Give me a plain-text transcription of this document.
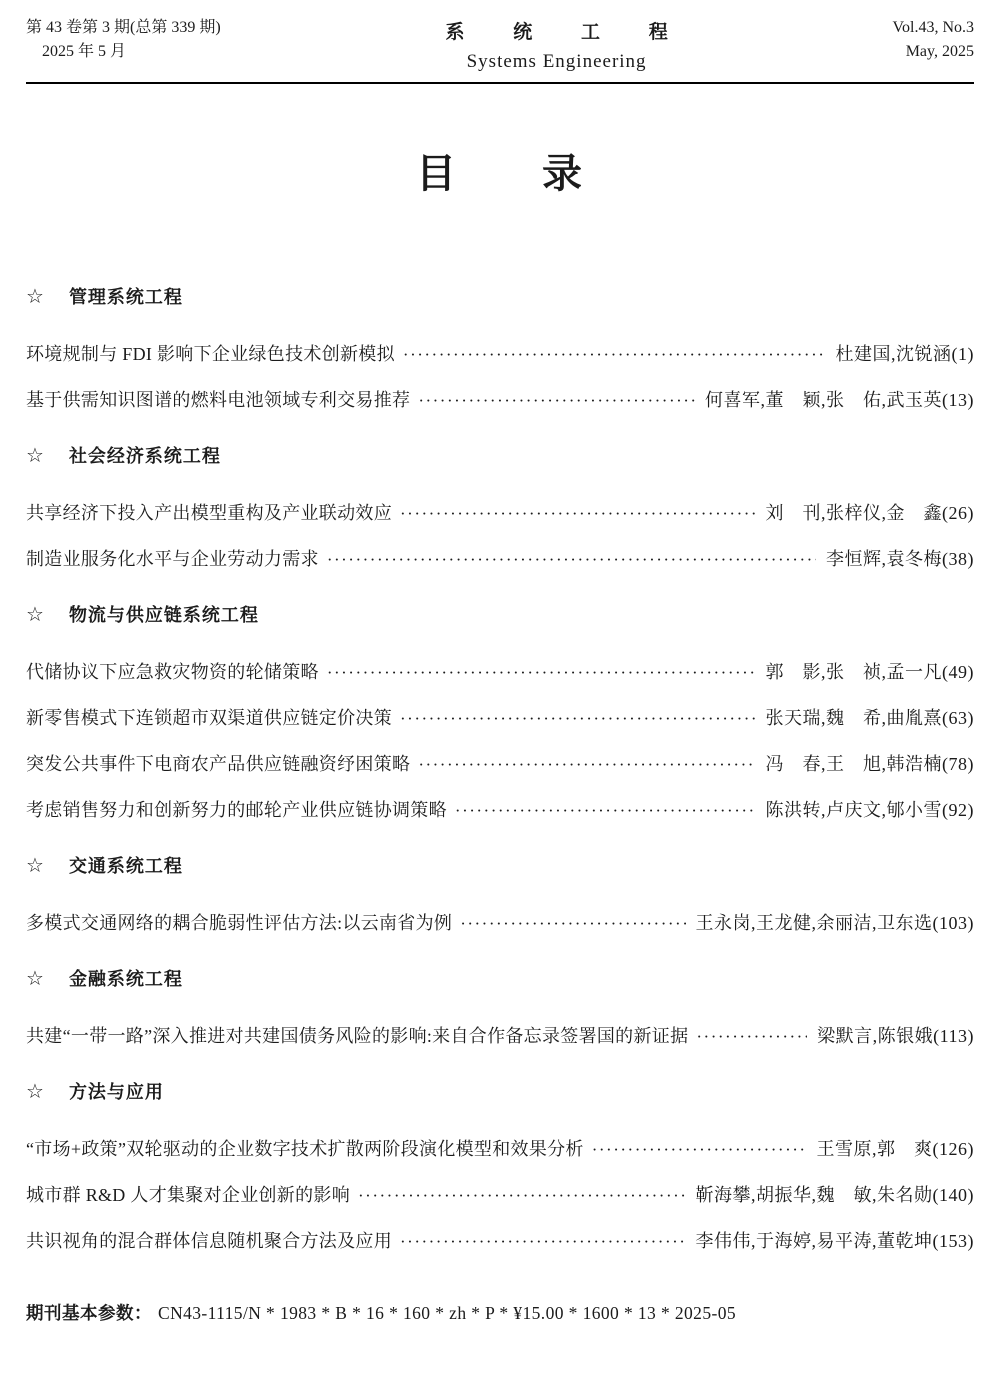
第 43 卷第 3 期(总第 339 期)
2025 年 5 月
系 统 工 程
Systems Engineering
Vol.43, No.3
May, 2025
目　　录
☆ 管理系统工程
环境规制与 FDI 影响下企业绿色技术创新模拟 ·····	杜建国,沈锐涵(1)
基于供需知识图谱的燃料电池领域专利交易推荐 ·····	何喜军,董　颖,张　佑,武玉英(13)
☆ 社会经济系统工程
共享经济下投入产出模型重构及产业联动效应 ·····	刘　刊,张梓仪,金　鑫(26)
制造业服务化水平与企业劳动力需求 ·····	李恒辉,袁冬梅(38)
☆ 物流与供应链系统工程
代储协议下应急救灾物资的轮储策略 ·····	郭　影,张　祯,孟一凡(49)
新零售模式下连锁超市双渠道供应链定价决策 ·····	张天瑞,魏　希,曲胤熹(63)
突发公共事件下电商农产品供应链融资纾困策略 ·····	冯　春,王　旭,韩浩楠(78)
考虑销售努力和创新努力的邮轮产业供应链协调策略 ·····	陈洪转,卢庆文,郇小雪(92)
☆ 交通系统工程
多模式交通网络的耦合脆弱性评估方法:以云南省为例 ·····	王永岗,王龙健,余丽洁,卫东选(103)
☆ 金融系统工程
共建“一带一路”深入推进对共建国债务风险的影响:来自合作备忘录签署国的新证据 ·····	梁默言,陈银娥(113)
☆ 方法与应用
“市场+政策”双轮驱动的企业数字技术扩散两阶段演化模型和效果分析 ·····	王雪原,郭　爽(126)
城市群 R&D 人才集聚对企业创新的影响 ·····	靳海攀,胡振华,魏　敏,朱名勋(140)
共识视角的混合群体信息随机聚合方法及应用 ·····	李伟伟,于海婷,易平涛,董乾坤(153)
期刊基本参数： CN43-1115/N * 1983 * B * 16 * 160 * zh * P * ¥15.00 * 1600 * 13 * 2025-05
